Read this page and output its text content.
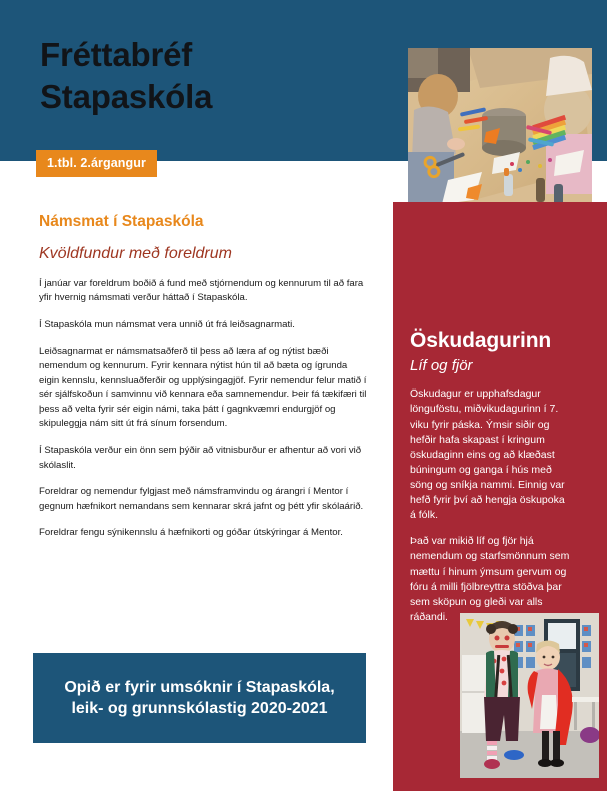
Fréttabréf
Stapaskóla
1.tbl. 2.árgangur
Námsmat í Stapaskóla
Kvöldfundur með foreldrum

Í janúar var foreldrum boðið á fund með stjórnendum og kennurum til að fara yfir hvernig námsmati verður háttað í Stapaskóla.

Í Stapaskóla mun námsmat vera unnið út frá leiðsagnarmati.

Leiðsagnarmat er námsmatsaðferð til þess að læra af og nýtist bæði nemendum og kennurum. Fyrir kennara nýtist hún til að bæta og ígrunda eigin kennslu, kennsluaðferðir og upplýsingagjöf. Fyrir nemendur felur matið í sér sjálfskoðun í samvinnu við kennara eða samnemendur. Þeir fá tækifæri til þess að velta fyrir sér eigin námi, taka þátt í gagnkvæmri endurgjöf og skipuleggja nám sitt út frá sínum forsendum.

Í Stapaskóla verður ein önn sem þýðir að vitnisburður er afhentur að vori við skólaslit.

Foreldrar og nemendur fylgjast með námsframvindu og árangri í Mentor í gegnum hæfnikort nemandans sem kennarar skrá jafnt og þétt yfir skólaárið.

Foreldrar fengu sýnikennslu á hæfnikorti og góðar útskýringar á Mentor.

Öskudagurinn
Líf og fjör

Öskudagur er upphafsdagur lönguföstu, miðvikudagurinn í 7. viku fyrir páska. Ýmsir siðir og hefðir hafa skapast í kringum öskudaginn eins og að klæðast búningum og ganga í hús með söng og sníkja nammi. Einnig var hefð fyrir því að hengja öskupoka á fólk.

Það var mikið líf og fjör hjá nemendum og starfsmönnum sem mættu í hinum ýmsum gervum og fóru á milli fjölbreyttra stöðva þar sem sköpun og gleði var alls ráðandi.

Opið er fyrir umsóknir í Stapaskóla,
leik- og grunnskólastig 2020-2021
